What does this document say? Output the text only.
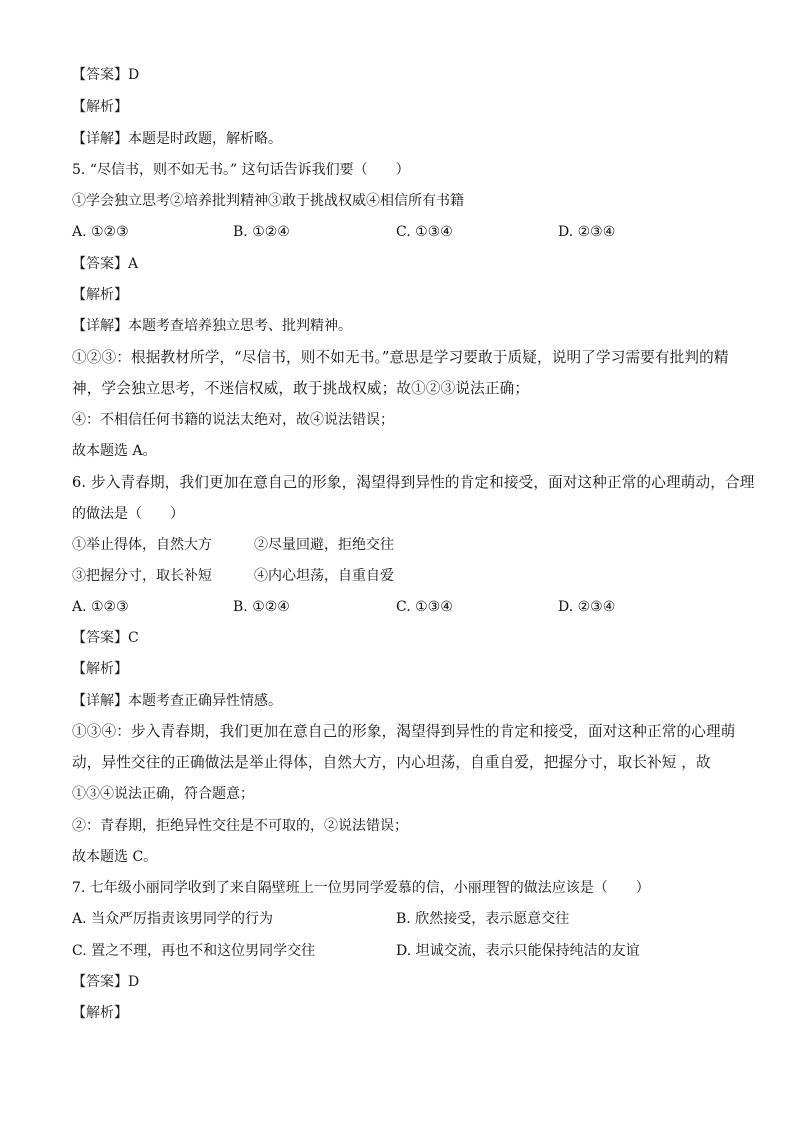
【答案】D
【解析】
【详解】本题是时政题，解析略。
5. “尽信书，则不如无书。” 这句话告诉我们要（　　）
①学会独立思考②培养批判精神③敢于挑战权威④相信所有书籍
A. ①②③	B. ①②④	C. ①③④	D. ②③④
【答案】A
【解析】
【详解】本题考查培养独立思考、批判精神。
①②③：根据教材所学，“尽信书，则不如无书。”意思是学习要敢于质疑，说明了学习需要有批判的精
神，学会独立思考，不迷信权威，敢于挑战权威；故①②③说法正确；
④：不相信任何书籍的说法太绝对，故④说法错误；
故本题选 A。
6. 步入青春期，我们更加在意自己的形象，渴望得到异性的肯定和接受，面对这种正常的心理萌动，合理
的做法是（　　）
①举止得体，自然大方	②尽量回避，拒绝交往
③把握分寸，取长补短	④内心坦荡，自重自爱
A. ①②③	B. ①②④	C. ①③④	D. ②③④
【答案】C
【解析】
【详解】本题考查正确异性情感。
①③④：步入青春期，我们更加在意自己的形象，渴望得到异性的肯定和接受，面对这种正常的心理萌
动，异性交往的正确做法是举止得体，自然大方，内心坦荡，自重自爱，把握分寸，取长补短 ，故
①③④说法正确，符合题意；
②：青春期，拒绝异性交往是不可取的，②说法错误；
故本题选 C。
7. 七年级小丽同学收到了来自隔壁班上一位男同学爱慕的信，小丽理智的做法应该是（　　）
A. 当众严厉指责该男同学的行为	B. 欣然接受，表示愿意交往
C. 置之不理，再也不和这位男同学交往	D. 坦诚交流，表示只能保持纯洁的友谊
【答案】D
【解析】
